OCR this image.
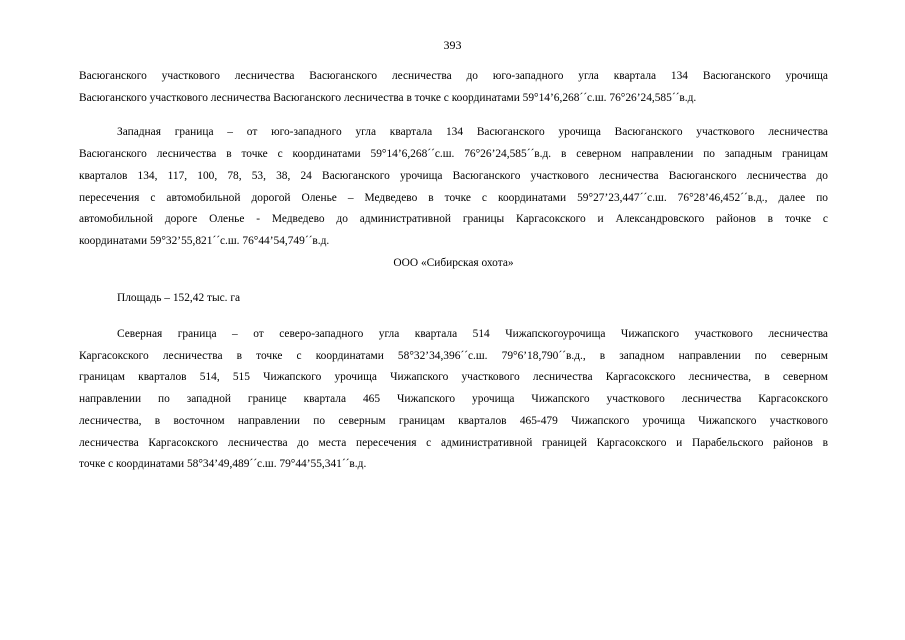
393
Васюганского участкового лесничества Васюганского лесничества до юго-западного угла квартала 134 Васюганского урочища
Васюганского участкового лесничества Васюганского лесничества в точке с координатами 59°14’6,268´´с.ш. 76°26’24,585´´в.д.
Западная граница – от юго-западного угла квартала 134 Васюганского урочища Васюганского участкового лесничества
Васюганского лесничества в точке с координатами 59°14’6,268´´с.ш. 76°26’24,585´´в.д. в северном направлении по западным границам
кварталов 134, 117, 100, 78, 53, 38, 24 Васюганского урочища Васюганского участкового лесничества Васюганского лесничества до
пересечения с автомобильной дорогой Оленье – Медведево в точке с координатами 59°27’23,447´´с.ш. 76°28’46,452´´в.д., далее по
автомобильной дороге Оленье - Медведево до административной границы Каргасокского и Александровского районов в точке с
координатами 59°32’55,821´´с.ш. 76°44’54,749´´в.д.
ООО «Сибирская охота»
Площадь – 152,42 тыс. га
Северная граница – от северо-западного угла квартала 514 Чижапскогоурочища Чижапского участкового лесничества
Каргасокского лесничества в точке с координатами 58°32’34,396´´с.ш. 79°6’18,790´´в.д., в западном направлении по северным
границам кварталов 514, 515 Чижапского урочища Чижапского участкового лесничества Каргасокского лесничества, в северном
направлении по западной границе квартала 465 Чижапского урочища Чижапского участкового лесничества Каргасокского
лесничества, в восточном направлении по северным границам кварталов 465-479 Чижапского урочища Чижапского участкового
лесничества Каргасокского лесничества до места пересечения с административной границей Каргасокского и Парабельского районов в
точке с координатами 58°34’49,489´´с.ш. 79°44’55,341´´в.д.
